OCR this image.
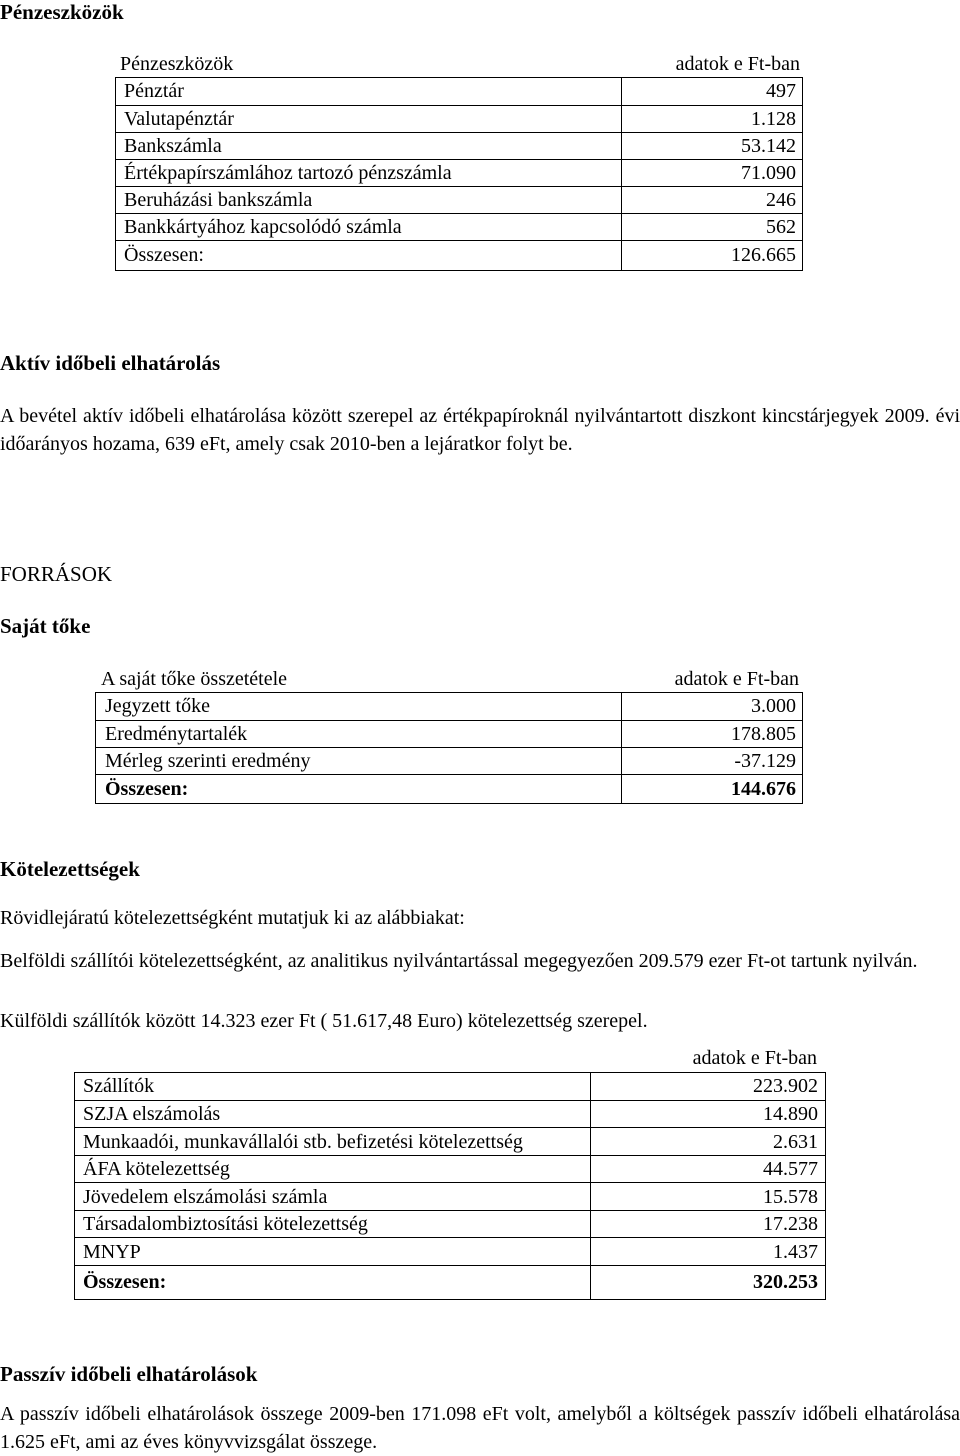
Pénzeszközök
Pénzeszközök	adatok e Ft-ban
Pénztár	497
Valutapénztár	1.128
Bankszámla	53.142
Értékpapírszámlához tartozó pénzszámla	71.090
Beruházási bankszámla	246
Bankkártyához kapcsolódó számla	562
Összesen:	126.665
Aktív időbeli elhatárolás
A bevétel aktív időbeli elhatárolása között szerepel az értékpapíroknál nyilvántartott diszkont kincstárjegyek 2009. évi időarányos hozama, 639 eFt, amely csak 2010-ben a lejáratkor folyt be.
FORRÁSOK
Saját tőke
A saját tőke összetétele	adatok e Ft-ban
Jegyzett tőke	3.000
Eredménytartalék	178.805
Mérleg szerinti eredmény	-37.129
Összesen:	144.676
Kötelezettségek
Rövidlejáratú kötelezettségként mutatjuk ki az alábbiakat:
Belföldi szállítói kötelezettségként, az analitikus nyilvántartással megegyezően 209.579 ezer Ft-ot tartunk nyilván.
Külföldi szállítók között 14.323 ezer Ft ( 51.617,48 Euro) kötelezettség szerepel.
adatok e Ft-ban
Szállítók	223.902
SZJA elszámolás	14.890
Munkaadói, munkavállalói stb. befizetési kötelezettség	2.631
ÁFA kötelezettség	44.577
Jövedelem elszámolási számla	15.578
Társadalombiztosítási kötelezettség	17.238
MNYP	1.437
Összesen:	320.253
Passzív időbeli elhatárolások
A passzív időbeli elhatárolások összege 2009-ben 171.098 eFt volt, amelyből a költségek passzív időbeli elhatárolása 1.625 eFt, ami az éves könyvvizsgálat összege.
